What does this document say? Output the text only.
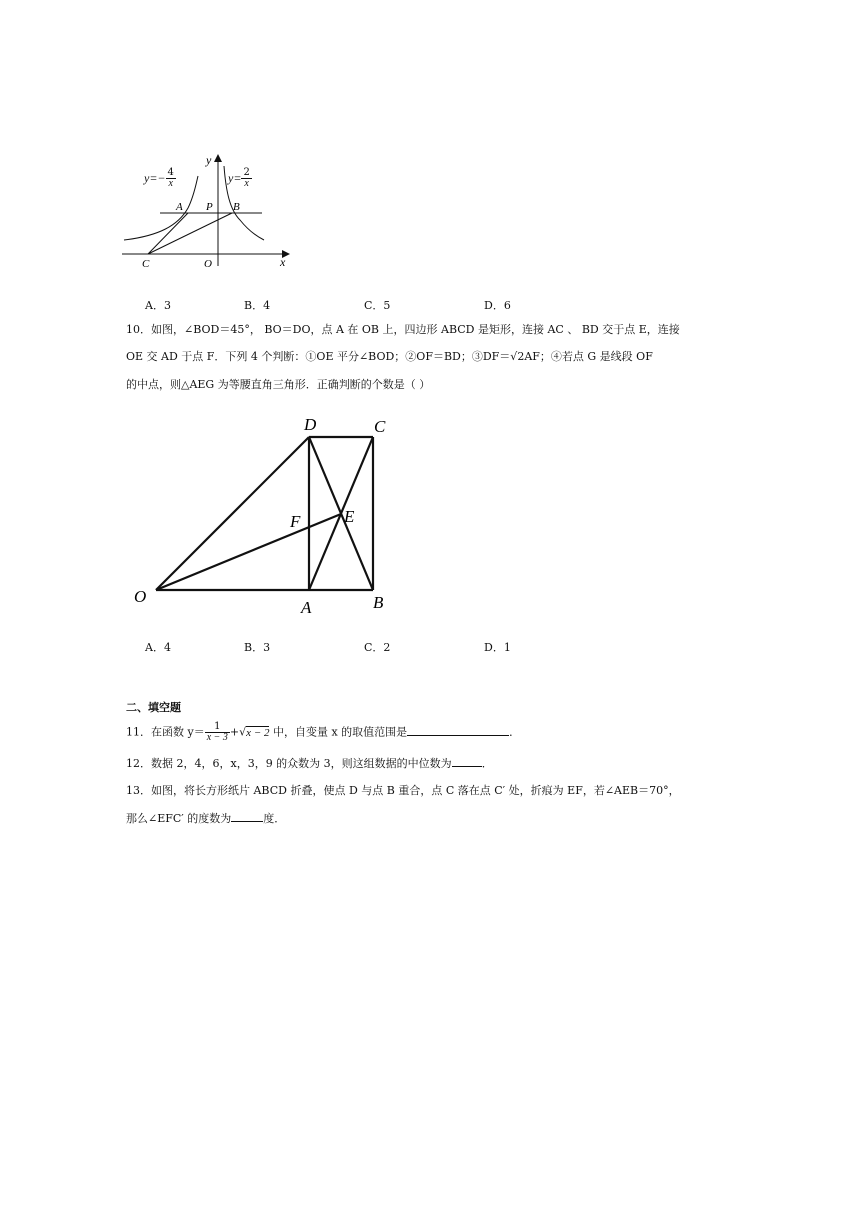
y
x
A P B
C	O
$y=- \frac{4}{x}$	$y= \frac{2}{x}$
A．3	B．4	C．5	D．6
10．如图，∠BOD＝45°， BO＝DO，点 A 在 OB 上，四边形 ABCD 是矩形，连接 AC 、 BD 交于点 E，连接
OE 交 AD 于点 F．下列 4 个判断：①OE 平分∠BOD；②OF＝BD；③DF＝√2AF；④若点 G 是线段 OF
的中点，则△AEG 为等腰直角三角形．正确判断的个数是（ ）
D	C
F	E
O
A	B
A．4	B．3	C．2	D．1
二、填空题
11．在函数 $y= \frac{1}{x - 3} +√x - 2$ 中，自变量 x 的取值范围是	．
12．数据 2，4，6，x，3，9 的众数为 3，则这组数据的中位数为	．
13．如图，将长方形纸片 ABCD 折叠，使点 D 与点 B 重合，点 C 落在点 C′ 处，折痕为 EF，若∠AEB＝70°，
那么∠EFC′ 的度数为	度．
